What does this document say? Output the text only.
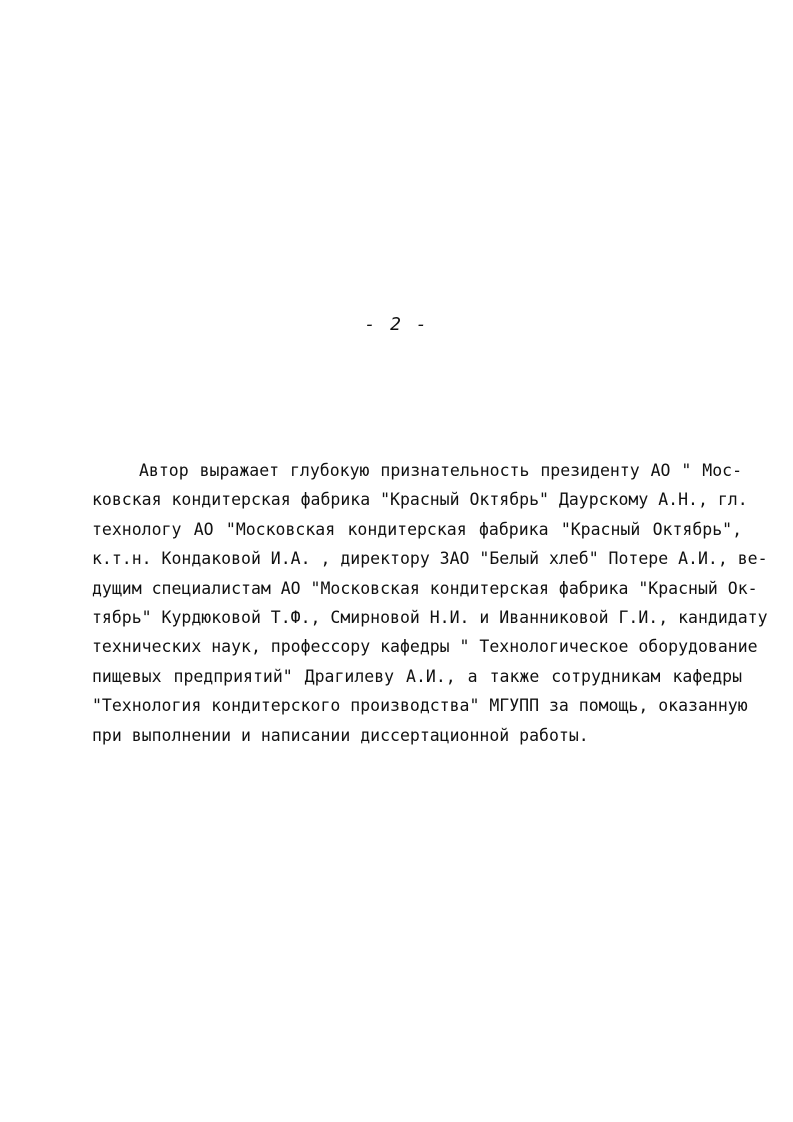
- 2 -
Автор выражает глубокую признательность президенту АО " Мос-
ковская кондитерская фабрика "Красный Октябрь" Даурскому А.Н., гл.
технологу АО "Московская кондитерская фабрика "Красный Октябрь",
к.т.н. Кондаковой И.А. , директору ЗАО "Белый хлеб" Потере А.И., ве-
дущим специалистам АО "Московская кондитерская фабрика "Красный Ок-
тябрь" Курдюковой Т.Ф., Смирновой Н.И. и Иванниковой Г.И., кандидату
технических наук, профессору кафедры " Технологическое оборудование
пищевых предприятий" Драгилеву А.И., а также сотрудникам кафедры
"Технология кондитерского производства" МГУПП за помощь, оказанную
при выполнении и написании диссертационной работы.
